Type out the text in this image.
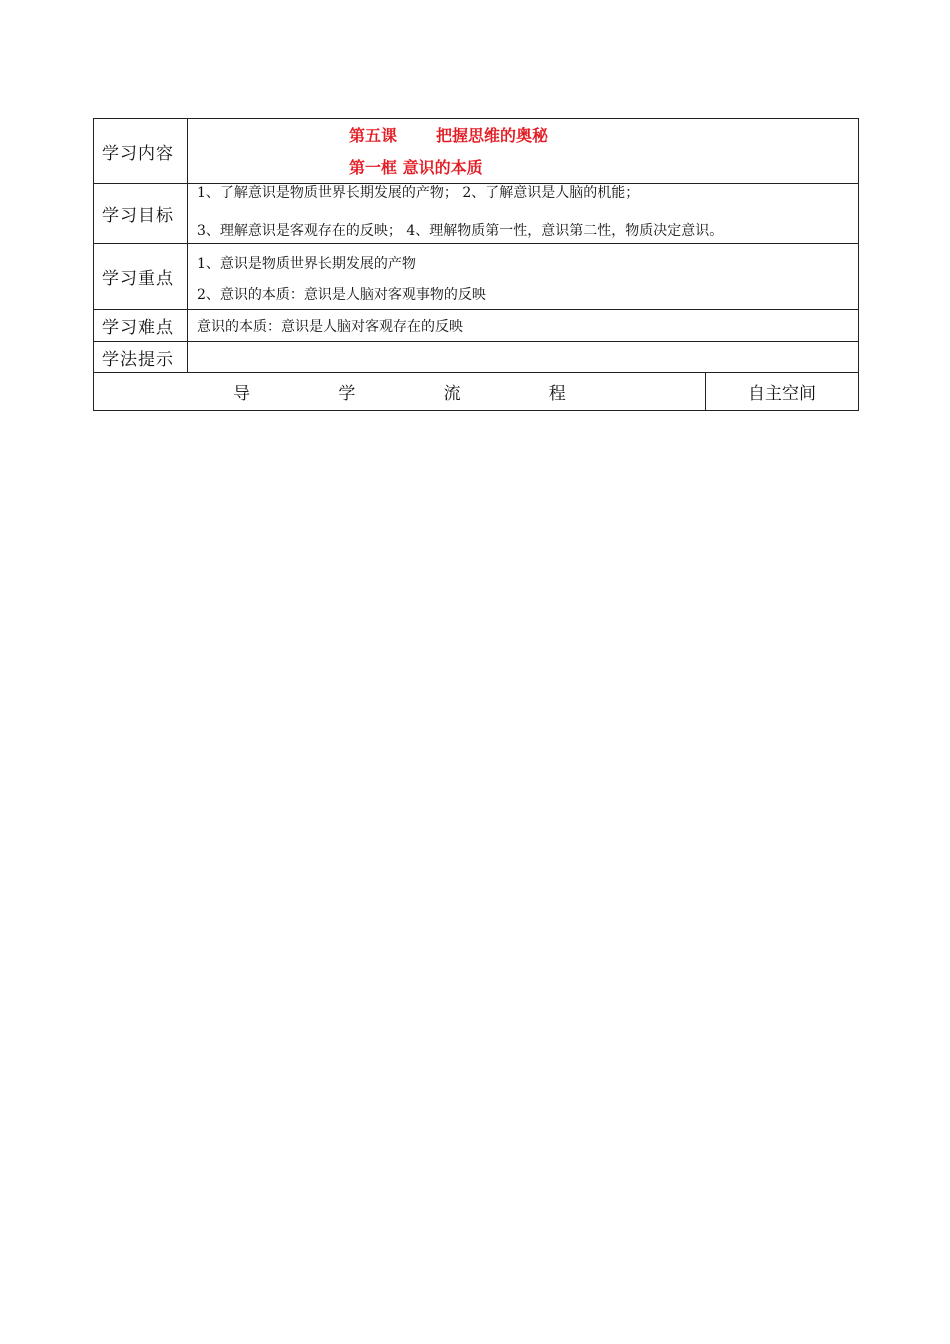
学习内容	第五课       把握思维的奥秘
第一框 意识的本质	

学习目标	1、了解意识是物质世界长期发展的产物； 2、了解意识是人脑的机能；
3、理解意识是客观存在的反映； 4、理解物质第一性，意识第二性，物质决定意识。	

学习重点	1、意识是物质世界长期发展的产物
2、意识的本质：意识是人脑对客观事物的反映	

学习难点	意识的本质：意识是人脑对客观存在的反映	
学法提示		
导   学   流   程		自主空间
